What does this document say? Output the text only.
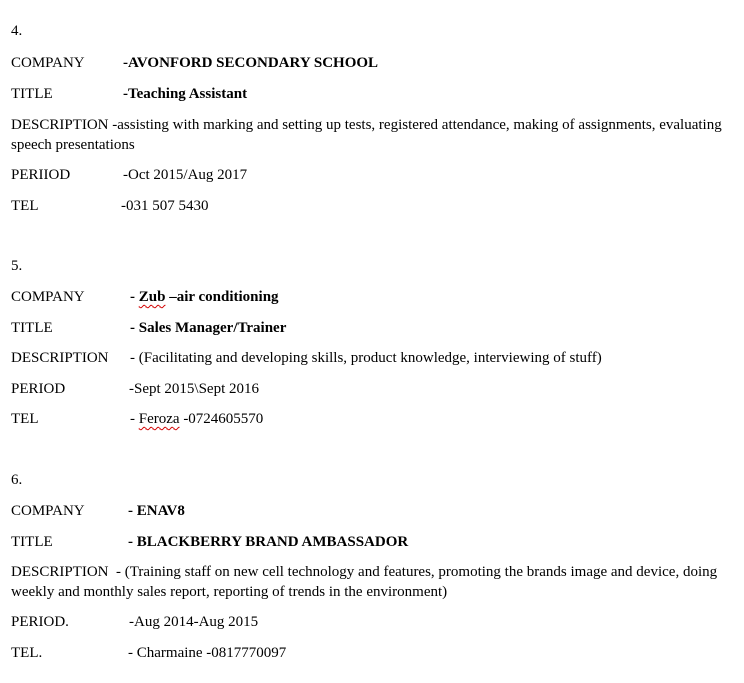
4.
COMPANY	-AVONFORD SECONDARY SCHOOL
TITLE	-Teaching Assistant
DESCRIPTION -assisting with marking and setting up tests, registered attendance, making of assignments, evaluating speech presentations
PERIIOD	-Oct 2015/Aug 2017
TEL	-031 507 5430
5.
COMPANY	- Zub –air conditioning
TITLE	- Sales Manager/Trainer
DESCRIPTION - (Facilitating and developing skills, product knowledge, interviewing of stuff)
PERIOD	-Sept 2015\Sept 2016
TEL	- Feroza -0724605570
6.
COMPANY	- ENAV8
TITLE	- BLACKBERRY BRAND AMBASSADOR
DESCRIPTION - (Training staff on new cell technology and features, promoting the brands image and device, doing weekly and monthly sales report, reporting of trends in the environment)
PERIOD.	-Aug 2014-Aug 2015
TEL.	- Charmaine -0817770097
